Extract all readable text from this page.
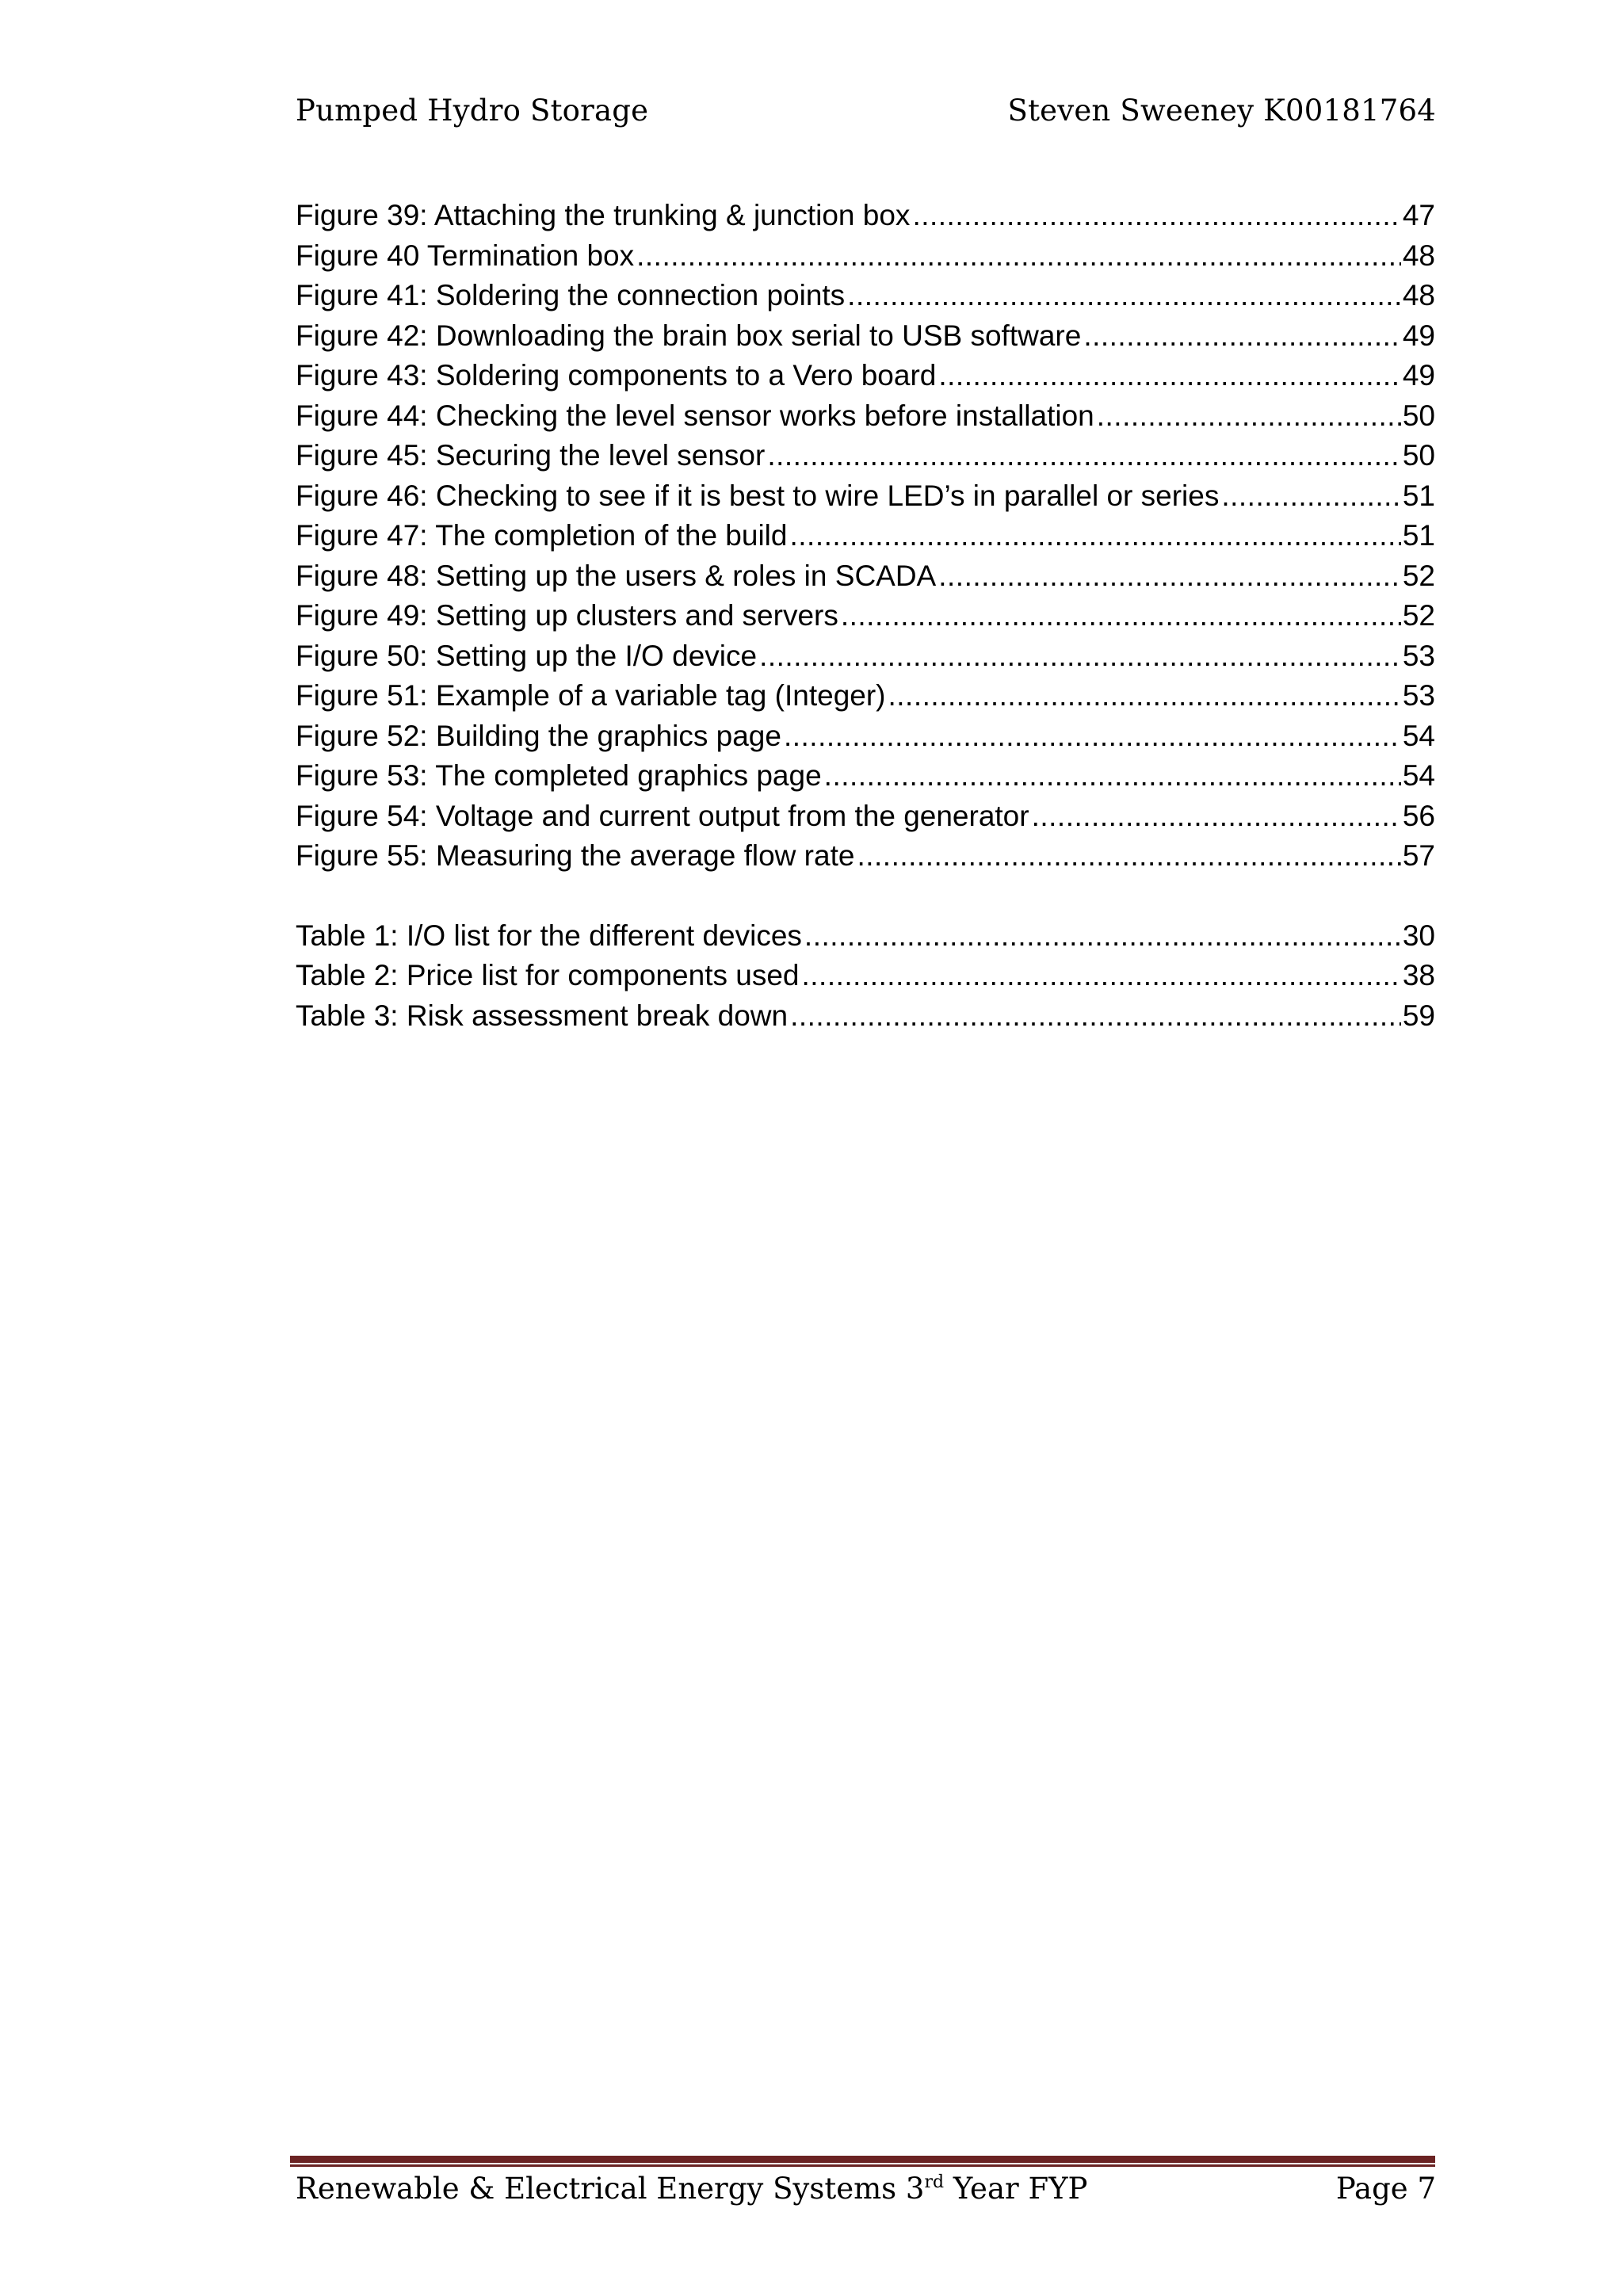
Pumped Hydro Storage	Steven Sweeney K00181764
Figure 39: Attaching the trunking & junction box .....	47
Figure 40 Termination box .....	48
Figure 41: Soldering the connection points .....	48
Figure 42: Downloading the brain box serial to USB software .....	49
Figure 43: Soldering components to a Vero board .....	49
Figure 44: Checking the level sensor works before installation .....	50
Figure 45: Securing the level sensor .....	50
Figure 46: Checking to see if it is best to wire LED’s in parallel or series .....	51
Figure 47: The completion of the build .....	51
Figure 48: Setting up the users & roles in SCADA .....	52
Figure 49: Setting up clusters and servers .....	52
Figure 50: Setting up the I/O device .....	53
Figure 51: Example of a variable tag (Integer) .....	53
Figure 52: Building the graphics page .....	54
Figure 53: The completed graphics page .....	54
Figure 54: Voltage and current output from the generator .....	56
Figure 55: Measuring the average flow rate .....	57
Table 1: I/O list for the different devices .....	30
Table 2: Price list for components used .....	38
Table 3: Risk assessment break down .....	59
Renewable & Electrical Energy Systems 3rd Year FYP	Page 7
